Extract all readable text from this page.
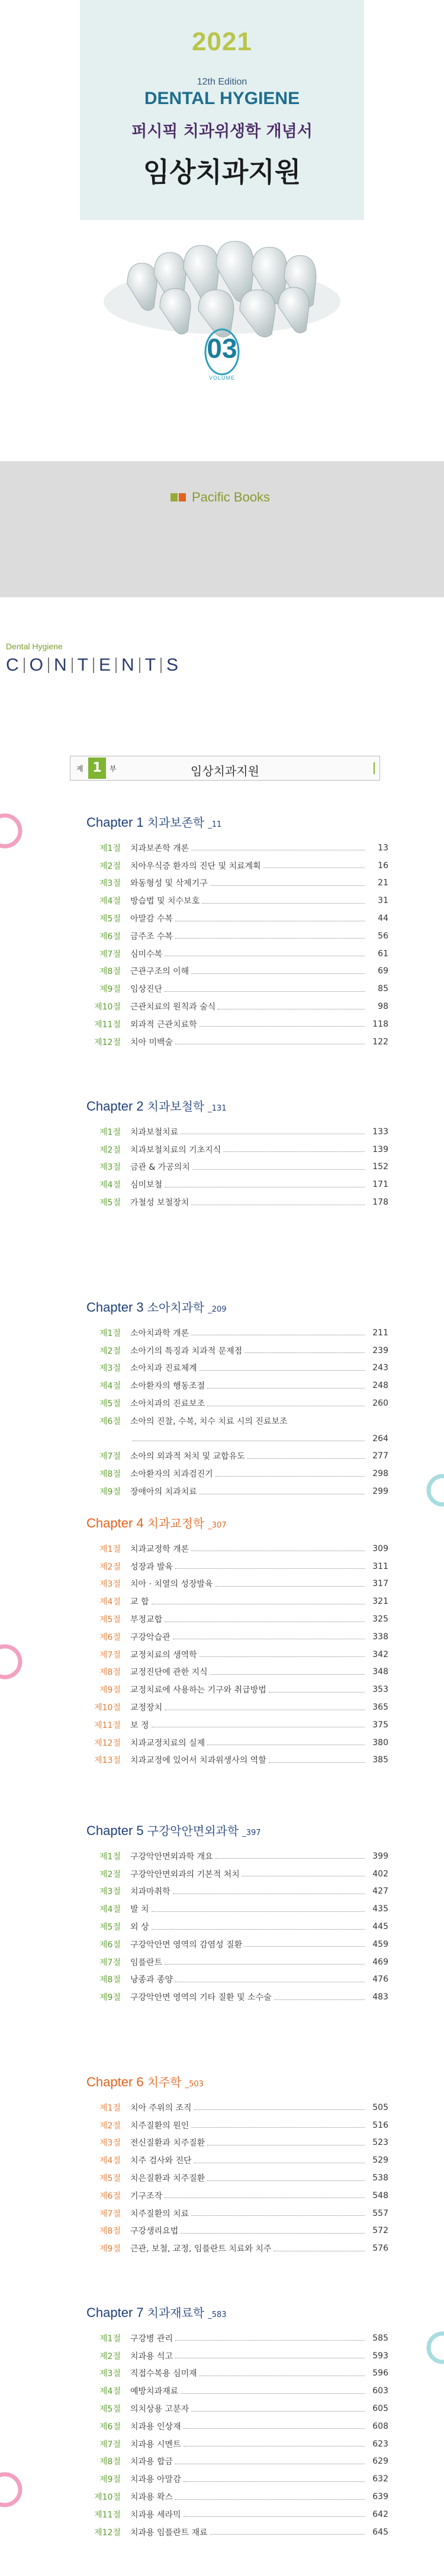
2021
12th Edition
DENTAL HYGIENE
퍼시픽 치과위생학 개념서
임상치과지원
03
VOLUME
Pacific Books
Dental Hygiene
C O N T E N T S
제 1	부	임상치과지원
Chapter 1 치과보존학 _11
제1절	치과보존학 개론	13
제2절	치아우식증 환자의 진단 및 치료계획	16
제3절	와동형성 및 삭제기구	21
제4절	방습법 및 치수보호	31
제5절	아말감 수복	44
제6절	금주조 수복	56
제7절	심미수복	61
제8절	근관구조의 이해	69
제9절	임상진단	85
제10절	근관치료의 원칙과 술식	98
제11절	외과적 근관치료학	118
제12절	치아 미백술	122
Chapter 2 치과보철학 _131
제1절	치과보철치료	133
제2절	치과보철치료의 기초지식	139
제3절	금관 & 가공의치	152
제4절	심미보철	171
제5절	가철성 보철장치	178
Chapter 3 소아치과학 _209
제1절	소아치과학 개론	211
제2절	소아기의 특징과 치과적 문제점	239
제3절	소아치과 진료체계	243
제4절	소아환자의 행동조절	248
제5절	소아치과의 진료보조	260
제6절	소아의 진찰, 수복, 치수 치료 시의 진료보조
264
제7절	소아의 외과적 처치 및 교합유도	277
제8절	소아환자의 치과검진기	298
제9절	장애아의 치과치료	299
Chapter 4 치과교정학 _307
제1절	치과교정학 개론	309
제2절	성장과 발육	311
제3절	치아 · 치열의 성장발육	317
제4절	교 합	321
제5절	부정교합	325
제6절	구강악습관	338
제7절	교정치료의 생역학	342
제8절	교정진단에 관한 지식	348
제9절	교정치료에 사용하는 기구와 취급방법	353
제10절	교정장치	365
제11절	보 정	375
제12절	치과교정치료의 실제	380
제13절	치과교정에 있어서 치과위생사의 역할	385
Chapter 5 구강악안면외과학 _397
제1절	구강악안면외과학 개요	399
제2절	구강악안면외과의 기본적 처치	402
제3절	치과마취학	427
제4절	발 치	435
제5절	외 상	445
제6절	구강악안면 영역의 감염성 질환	459
제7절	임플란트	469
제8절	낭종과 종양	476
제9절	구강악안면 영역의 기타 질환 및 소수술	483
Chapter 6 치주학 _503
제1절	치아 주위의 조직	505
제2절	치주질환의 원인	516
제3절	전신질환과 치주질환	523
제4절	치주 검사와 진단	529
제5절	치은질환과 치주질환	538
제6절	기구조작	548
제7절	치주질환의 치료	557
제8절	구강생리요법	572
제9절	근관, 보철, 교정, 임플란트 치료와 치주	576
Chapter 7 치과재료학 _583
제1절	구강병 관리	585
제2절	치과용 석고	593
제3절	직접수복용 심미재	596
제4절	예방치과재료	603
제5절	의치상용 고분자	605
제6절	치과용 인상재	608
제7절	치과용 시멘트	623
제8절	치과용 합금	629
제9절	치과용 아말감	632
제10절	치과용 왁스	639
제11절	치과용 세라믹	642
제12절	치과용 임플란트 재료	645
